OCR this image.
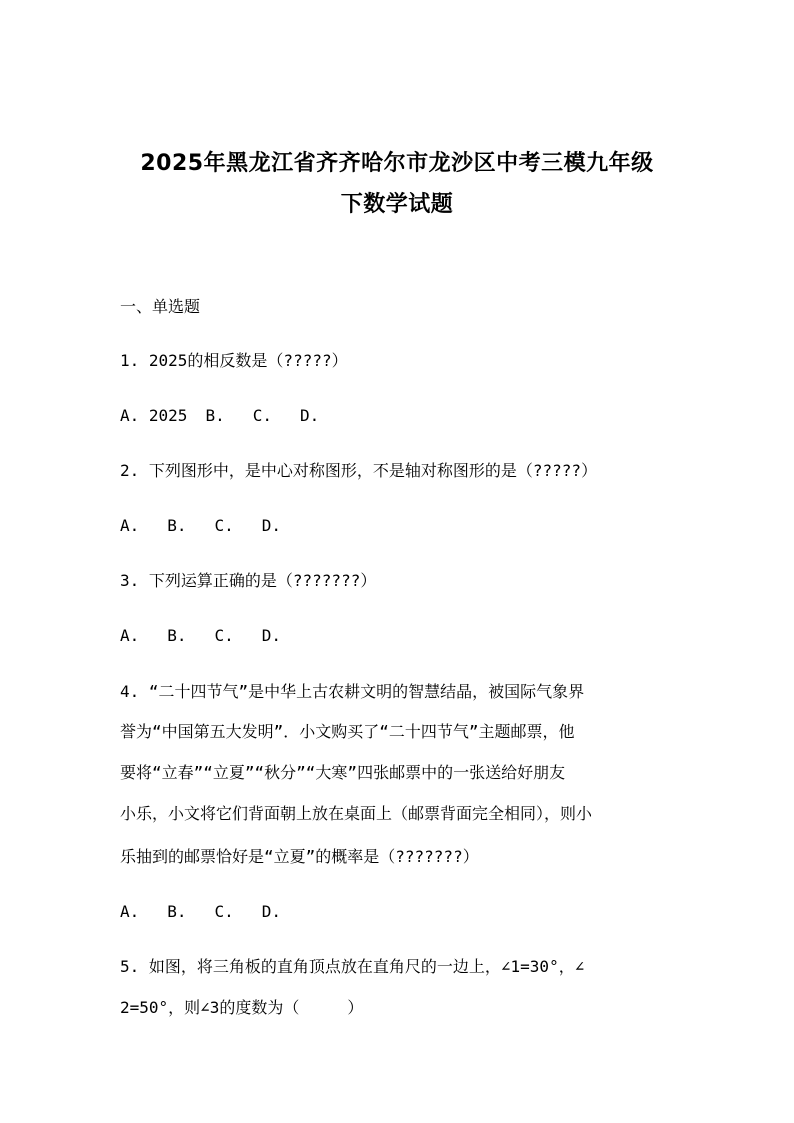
2025年黑龙江省齐齐哈尔市龙沙区中考三模九年级
下数学试题
一、单选题
1. 2025的相反数是（?????）
A. 2025 B. C. D.
2. 下列图形中，是中心对称图形，不是轴对称图形的是（?????）
A. B. C. D.
3. 下列运算正确的是（???????）
A. B. C. D.
4. “二十四节气”是中华上古农耕文明的智慧结晶，被国际气象界
誉为“中国第五大发明”．小文购买了“二十四节气”主题邮票，他
要将“立春”“立夏”“秋分”“大寒”四张邮票中的一张送给好朋友
小乐，小文将它们背面朝上放在桌面上（邮票背面完全相同），则小
乐抽到的邮票恰好是“立夏”的概率是（???????）
A. B. C. D.
5. 如图，将三角板的直角顶点放在直角尺的一边上，∠1=30°，∠
2=50°，则∠3的度数为（　　　）
